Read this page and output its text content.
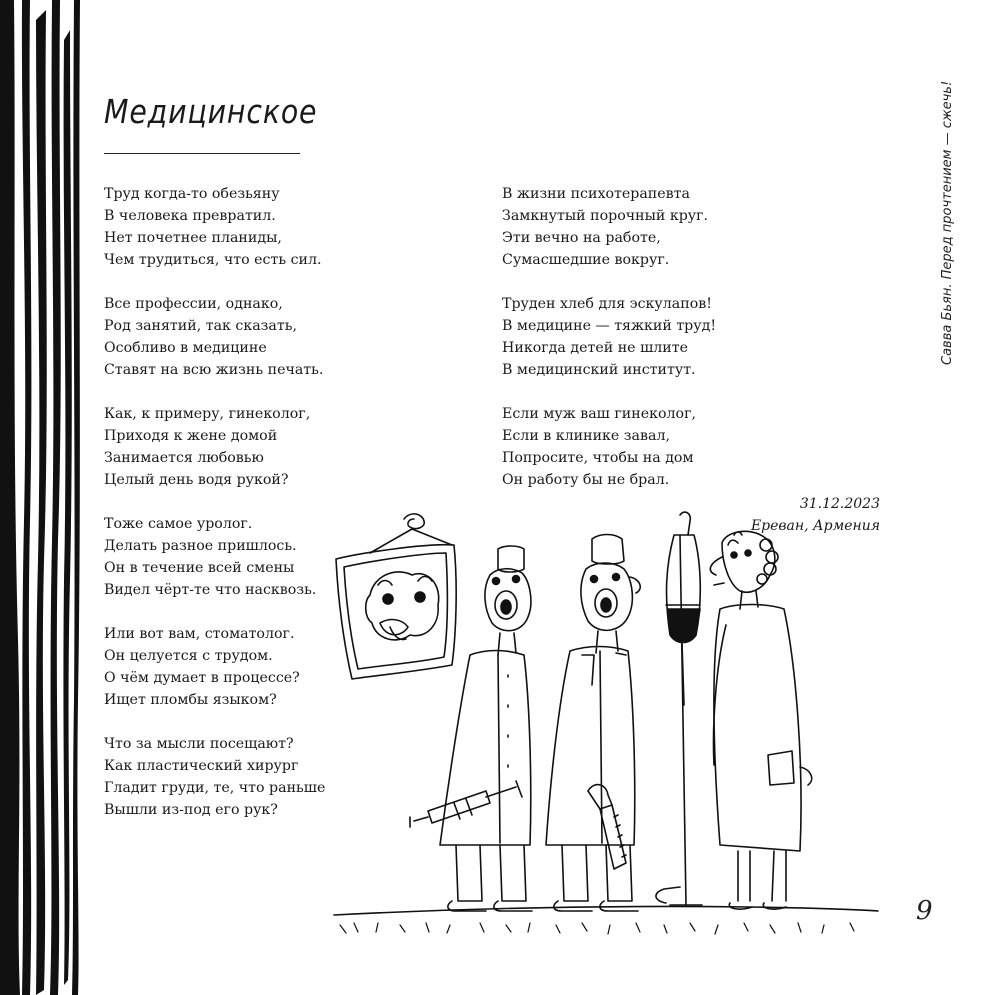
Медицинское
Труд когда-то обезьяну
В человека превратил.
Нет почетнее планиды,
Чем трудиться, что есть сил.
Все профессии, однако,
Род занятий, так сказать,
Особливо в медицине
Ставят на всю жизнь печать.
Как, к примеру, гинеколог,
Приходя к жене домой
Занимается любовью
Целый день водя рукой?
Тоже самое уролог.
Делать разное пришлось.
Он в течение всей смены
Видел чёрт-те что насквозь.
Или вот вам, стоматолог.
Он целуется с трудом.
О чём думает в процессе?
Ищет пломбы языком?
Что за мысли посещают?
Как пластический хирург
Гладит груди, те, что раньше
Вышли из-под его рук?
В жизни психотерапевта
Замкнутый порочный круг.
Эти вечно на работе,
Сумасшедшие вокруг.
Труден хлеб для эскулапов!
В медицине — тяжкий труд!
Никогда детей не шлите
В медицинский институт.
Если муж ваш гинеколог,
Если в клинике завал,
Попросите, чтобы на дом
Он работу бы не брал.
31.12.2023
Ереван, Армения
Савва Бьян. Перед прочтением — сжечь!
9
